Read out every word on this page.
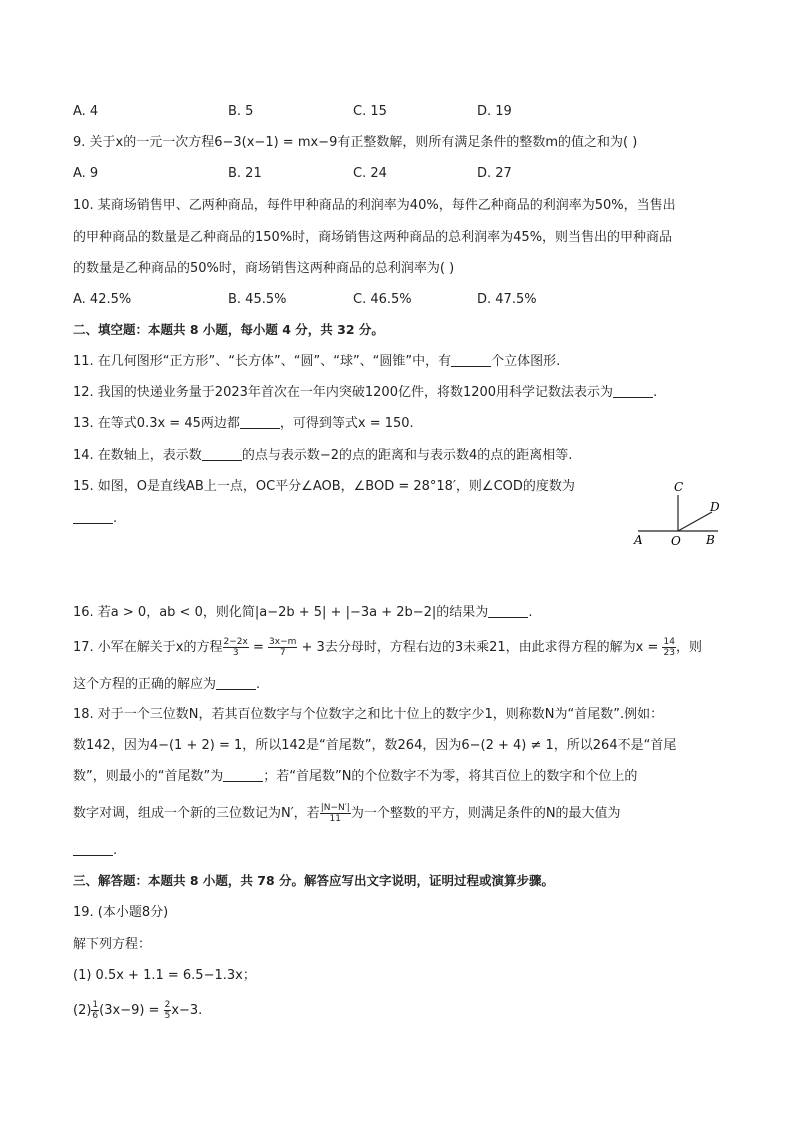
A. 4	B. 5	C. 15	D. 19
9. 关于x的一元一次方程6−3(x−1) = mx−9有正整数解，则所有满足条件的整数m的值之和为( )
A. 9	B. 21	C. 24	D. 27
10. 某商场销售甲、乙两种商品，每件甲种商品的利润率为40%，每件乙种商品的利润率为50%，当售出
的甲种商品的数量是乙种商品的150%时，商场销售这两种商品的总利润率为45%，则当售出的甲种商品
的数量是乙种商品的50%时，商场销售这两种商品的总利润率为( )
A. 42.5%	B. 45.5%	C. 46.5%	D. 47.5%
二、填空题：本题共 8 小题，每小题 4 分，共 32 分。
11. 在几何图形“正方形”、“长方体”、“圆”、“球”、“圆锥”中，有	个立体图形.
12. 我国的快递业务量于2023年首次在一年内突破1200亿件，将数1200用科学记数法表示为	.
13. 在等式0.3x = 45两边都	，可得到等式x = 150.
14. 在数轴上，表示数	的点与表示数−2的点的距离和与表示数4的点的距离相等.
15. 如图，O是直线AB上一点，OC平分∠AOB，∠BOD = 28°18′，则∠COD的度数为
.
C
D
A O B
16. 若a > 0，ab < 0，则化简|a−2b + 5| + |−3a + 2b−2|的结果为	.
17. 小军在解关于x的方程 $\frac{2-2x}{3} = \frac{3x-m}{7} + 3$去分母时，方程右边的3未乘21，由此求得方程的解为$x = \frac{14}{23}$ ，则
这个方程的正确的解应为	.
18. 对于一个三位数N，若其百位数字与个位数字之和比十位上的数字少1，则称数N为“首尾数”.例如：
数142，因为4−(1 + 2) = 1，所以142是“首尾数”，数264，因为6−(2 + 4) ≠ 1，所以264不是“首尾
数”，则最小的“首尾数”为	；若“首尾数”N的个位数字不为零，将其百位上的数字和个位上的
数字对调，组成一个新的三位数记为N′，若 $\frac{|N-N'|}{11}$ 为一个整数的平方，则满足条件的N的最大值为
.
三、解答题：本题共 8 小题，共 78 分。解答应写出文字说明，证明过程或演算步骤。
19. (本小题8分)
解下列方程：
(1) 0.5x + 1.1 = 6.5−1.3x；
$(2) \frac{1}{6} (3x-9) = \frac{2}{5} x-3$.
